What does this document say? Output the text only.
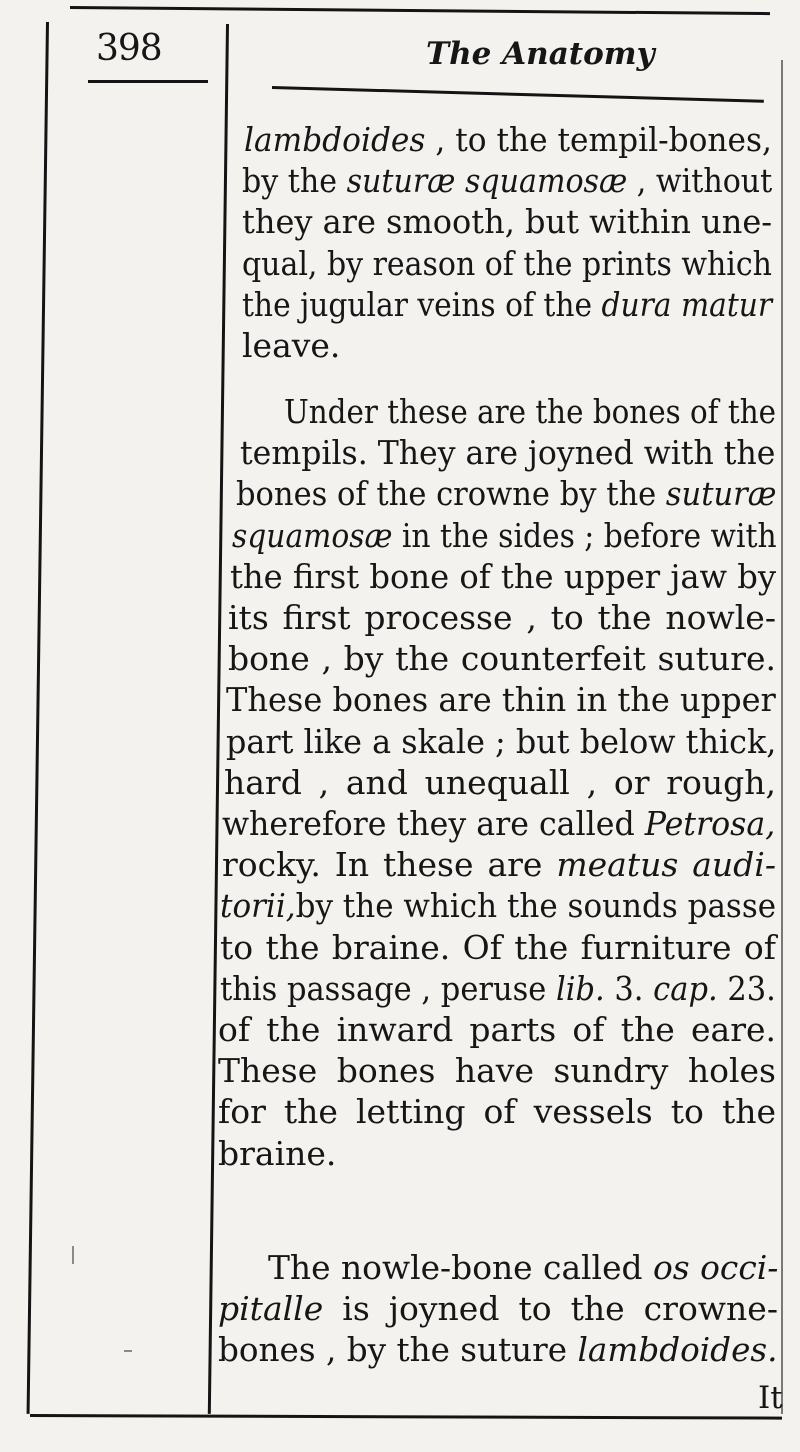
398	The Anatomy
lambdoides , to the tempil-bones,
by the suturæ squamosæ , without
they are smooth, but within une-
qual, by reason of the prints which
the jugular veins of the dura matur
leave.
Under these are the bones of the
tempils. They are joyned with the
bones of the crowne by the suturæ
squamosæ in the sides ; before with
the first bone of the upper jaw by
its first processe , to the nowle-
bone , by the counterfeit suture.
These bones are thin in the upper
part like a skale ; but below thick,
hard , and unequall , or rough,
wherefore they are called Petrosa,
rocky. In these are meatus audi-
torii,by the which the sounds passe
to the braine. Of the furniture of
this passage , peruse lib. 3. cap. 23.
of the inward parts of the eare.
These bones have sundry holes
for the letting of vessels to the
braine.
The nowle-bone called os occi-
pitalle is joyned to the crowne-
bones , by the suture lambdoides.
It
